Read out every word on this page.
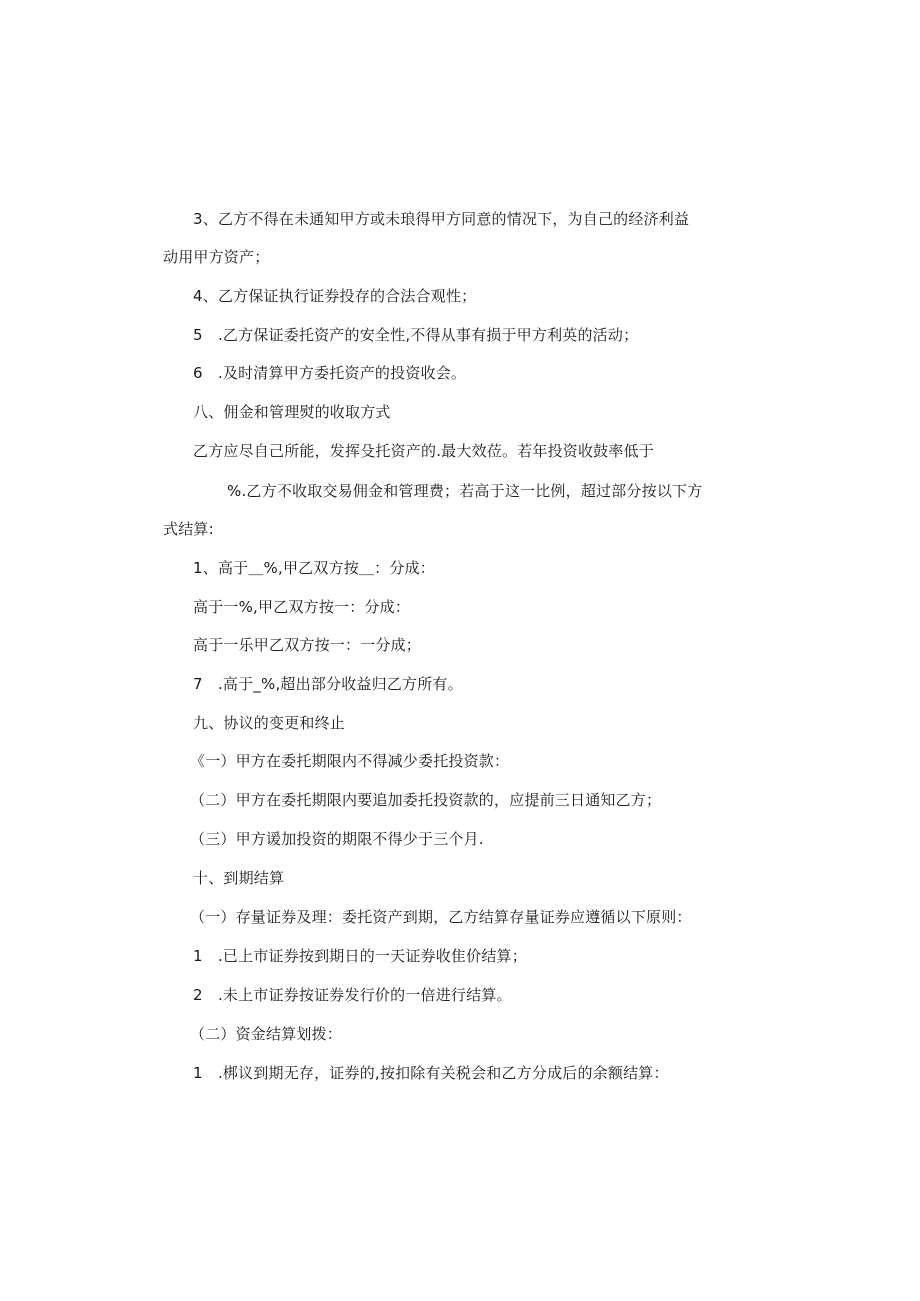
3、乙方不得在未通知甲方或未琅得甲方同意的情况下，为自己的经济利益
动用甲方资产；
4、乙方保证执行证券投存的合法合观性；
5　.乙方保证委托资产的安全性,不得从事有损于甲方利英的活动；
6　.及时清算甲方委托资产的投资收会。
八、佣金和管理熨的收取方式
乙方应尽自己所能，发挥殳托资产的.最大效莅。若年投资收鼓率低于
%.乙方不收取交易佣金和管理费；若高于这一比例，超过部分按以下方
式结算:
1、高于＿%,甲乙双方按＿：分成：
高于一%,甲乙双方按一：分成：
高于一乐甲乙双方按一：一分成；
7　.高于_%,超出部分收益归乙方所有。
九、协议的变更和终止
《一）甲方在委托期限内不得减少委托投资款：
（二）甲方在委托期限内要追加委托投资款的，应提前三日通知乙方；
（三）甲方谖加投资的期限不得少于三个月.
十、到期结算
（一）存量证券及理：委托资产到期，乙方结算存量证券应遵循以下原则：
1　.已上市证券按到期日的一天证券收隹价结算；
2　.未上市证券按证券发行价的一倍进行结算。
（二）资金结算划拨：
1　.梆议到期无存，证券的,按扣除有关税会和乙方分成后的余额结算：
